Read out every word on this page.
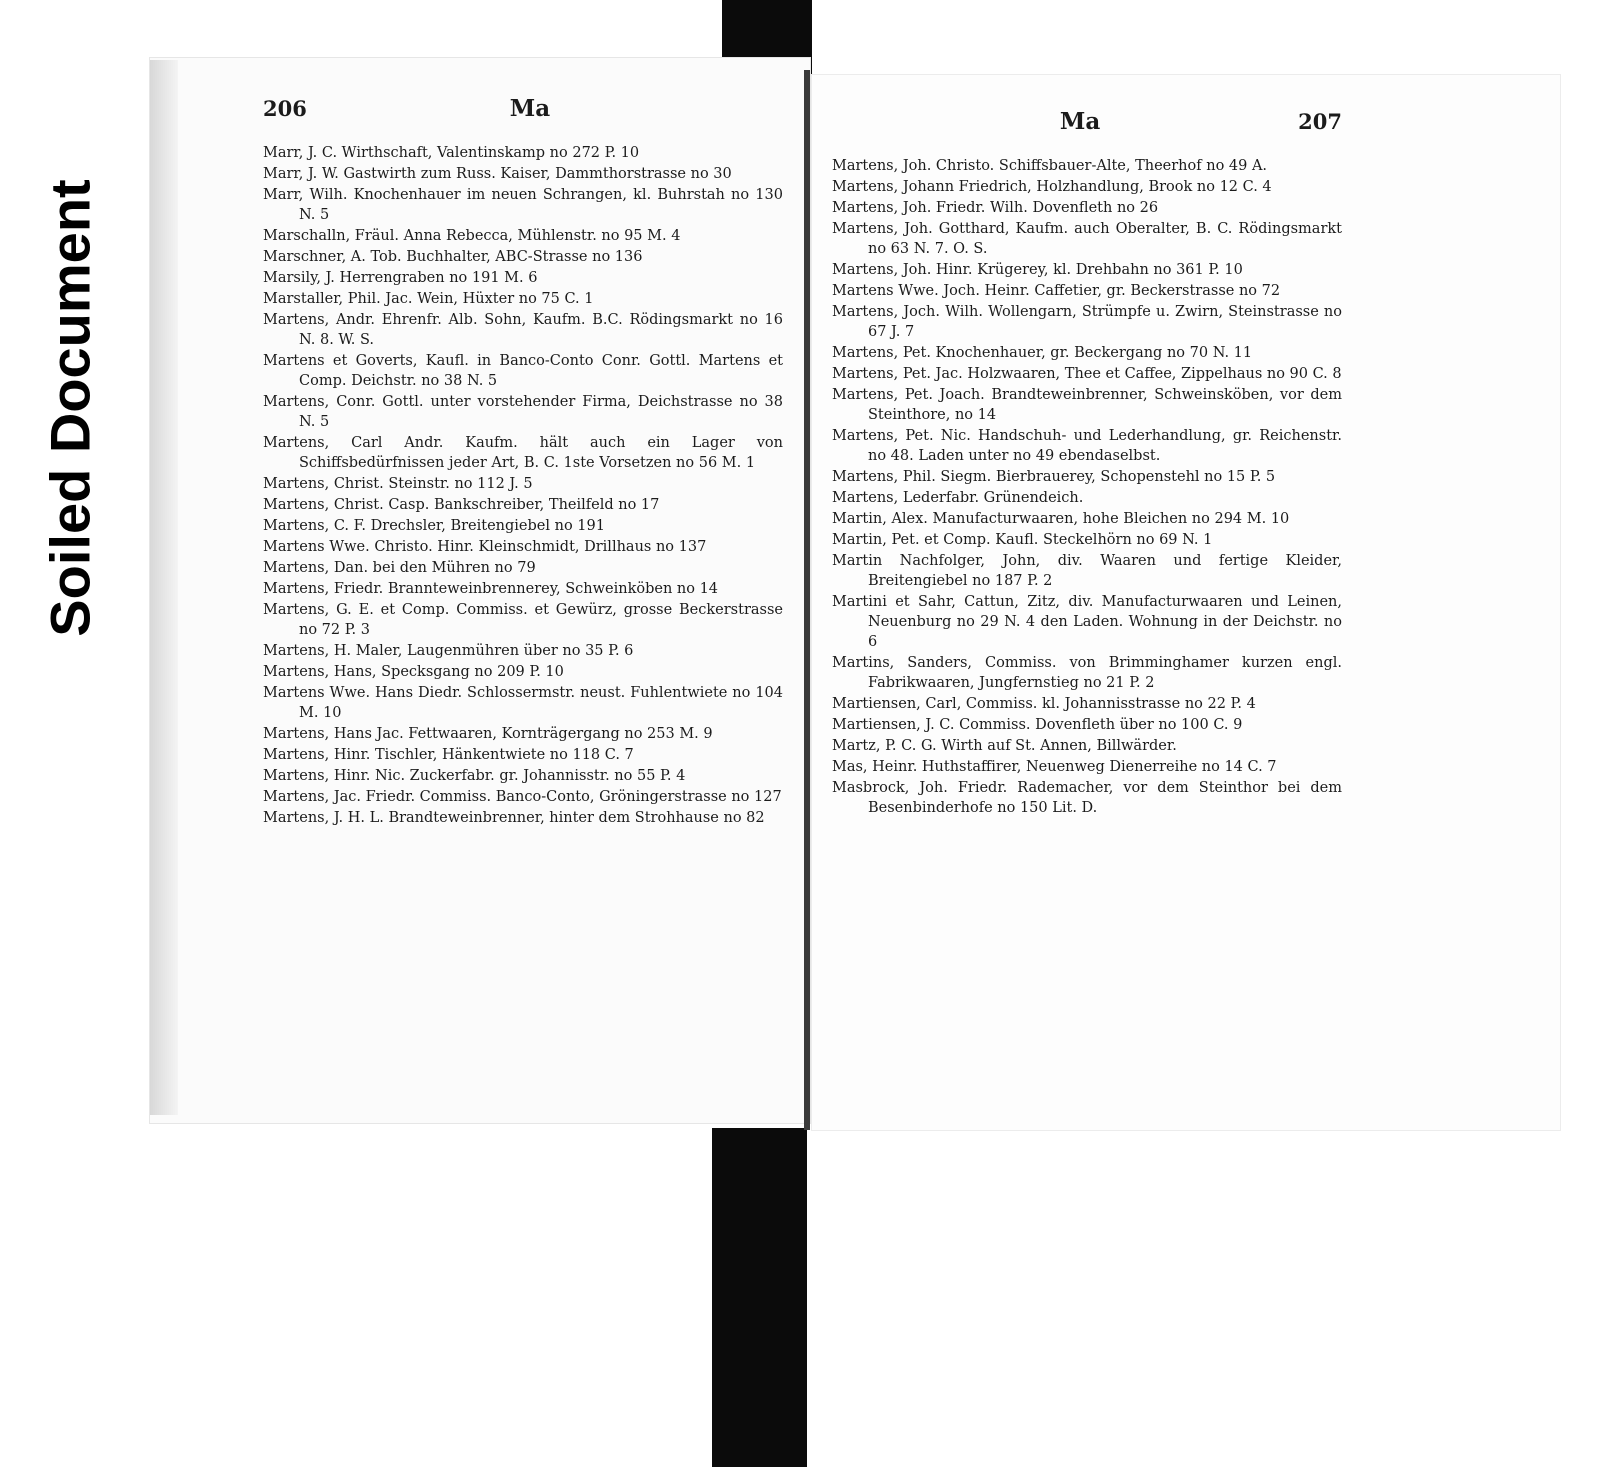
Soiled Document
206	Ma

Marr, J. C. Wirthschaft, Valentinskamp no 272 P. 10

Marr, J. W. Gastwirth zum Russ. Kaiser, Dammthorstrasse no 30

Marr, Wilh. Knochenhauer im neuen Schrangen, kl. Buhrstah no 130 N. 5

Marschalln, Fräul. Anna Rebecca, Mühlenstr. no 95 M. 4

Marschner, A. Tob. Buchhalter, ABC-Strasse no 136

Marsily, J. Herrengraben no 191 M. 6

Marstaller, Phil. Jac. Wein, Hüxter no 75 C. 1

Martens, Andr. Ehrenfr. Alb. Sohn, Kaufm. B.C. Rödingsmarkt no 16 N. 8. W. S.

Martens et Goverts, Kaufl. in Banco-Conto Conr. Gottl. Martens et Comp. Deichstr. no 38 N. 5

Martens, Conr. Gottl. unter vorstehender Firma, Deichstrasse no 38 N. 5

Martens, Carl Andr. Kaufm. hält auch ein Lager von Schiffsbedürfnissen jeder Art, B. C. 1ste Vorsetzen no 56 M. 1

Martens, Christ. Steinstr. no 112 J. 5

Martens, Christ. Casp. Bankschreiber, Theilfeld no 17

Martens, C. F. Drechsler, Breitengiebel no 191

Martens Wwe. Christo. Hinr. Kleinschmidt, Drillhaus no 137

Martens, Dan. bei den Mühren no 79

Martens, Friedr. Brannteweinbrennerey, Schweinköben no 14

Martens, G. E. et Comp. Commiss. et Gewürz, grosse Beckerstrasse no 72 P. 3

Martens, H. Maler, Laugenmühren über no 35 P. 6

Martens, Hans, Specksgang no 209 P. 10

Martens Wwe. Hans Diedr. Schlossermstr. neust. Fuhlentwiete no 104 M. 10

Martens, Hans Jac. Fettwaaren, Kornträgergang no 253 M. 9

Martens, Hinr. Tischler, Hänkentwiete no 118 C. 7

Martens, Hinr. Nic. Zuckerfabr. gr. Johannisstr. no 55 P. 4

Martens, Jac. Friedr. Commiss. Banco-Conto, Gröningerstrasse no 127

Martens, J. H. L. Brandteweinbrenner, hinter dem Strohhause no 82

Ma	207

Martens, Joh. Christo. Schiffsbauer-Alte, Theerhof no 49 A.

Martens, Johann Friedrich, Holzhandlung, Brook no 12 C. 4

Martens, Joh. Friedr. Wilh. Dovenfleth no 26

Martens, Joh. Gotthard, Kaufm. auch Oberalter, B. C. Rödingsmarkt no 63 N. 7. O. S.

Martens, Joh. Hinr. Krügerey, kl. Drehbahn no 361 P. 10

Martens Wwe. Joch. Heinr. Caffetier, gr. Beckerstrasse no 72

Martens, Joch. Wilh. Wollengarn, Strümpfe u. Zwirn, Steinstrasse no 67 J. 7

Martens, Pet. Knochenhauer, gr. Beckergang no 70 N. 11

Martens, Pet. Jac. Holzwaaren, Thee et Caffee, Zippelhaus no 90 C. 8

Martens, Pet. Joach. Brandteweinbrenner, Schweinsköben, vor dem Steinthore, no 14

Martens, Pet. Nic. Handschuh- und Lederhandlung, gr. Reichenstr. no 48. Laden unter no 49 ebendaselbst.

Martens, Phil. Siegm. Bierbrauerey, Schopenstehl no 15 P. 5

Martens, Lederfabr. Grünendeich.

Martin, Alex. Manufacturwaaren, hohe Bleichen no 294 M. 10

Martin, Pet. et Comp. Kaufl. Steckelhörn no 69 N. 1

Martin Nachfolger, John, div. Waaren und fertige Kleider, Breitengiebel no 187 P. 2

Martini et Sahr, Cattun, Zitz, div. Manufacturwaaren und Leinen, Neuenburg no 29 N. 4 den Laden. Wohnung in der Deichstr. no 6

Martins, Sanders, Commiss. von Brimminghamer kurzen engl. Fabrikwaaren, Jungfernstieg no 21 P. 2

Martiensen, Carl, Commiss. kl. Johannisstrasse no 22 P. 4

Martiensen, J. C. Commiss. Dovenfleth über no 100 C. 9

Martz, P. C. G. Wirth auf St. Annen, Billwärder.

Mas, Heinr. Huthstaffirer, Neuenweg Dienerreihe no 14 C. 7

Masbrock, Joh. Friedr. Rademacher, vor dem Steinthor bei dem Besenbinderhofe no 150 Lit. D.
